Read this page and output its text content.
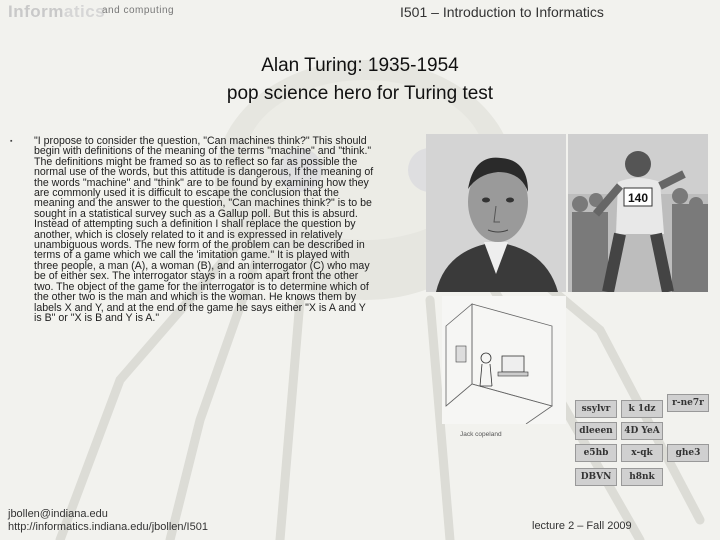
Informatics
and computing	I501 – Introduction to Informatics
Alan Turing: 1935-1954
pop science hero for Turing test
▪ "I propose to consider the question, "Can machines think?" This should
begin with definitions of the meaning of the terms "machine" and "think."
The definitions might be framed so as to reflect so far as possible the
normal use of the words, but this attitude is dangerous, If the meaning of
the words "machine" and "think" are to be found by examining how they
are commonly used it is difficult to escape the conclusion that the
meaning and the answer to the question, "Can machines think?" is to be
sought in a statistical survey such as a Gallup poll. But this is absurd.
Instead of attempting such a definition I shall replace the question by
another, which is closely related to it and is expressed in relatively
unambiguous words. The new form of the problem can be described in
terms of a game which we call the 'imitation game." It is played with
three people, a man (A), a woman (B), and an interrogator (C) who may
be of either sex. The interrogator stays in a room apart front the other
two. The object of the game for the interrogator is to determine which of
the other two is the man and which is the woman. He knows them by
labels X and Y, and at the end of the game he says either "X is A and Y
is B" or "X is B and Y is A."
140
Jack copeland
ssylvr	k 1dz
r-ne7r
dleeen	4D YeA
e5hb	x-qk	ghe3
DBVN	h8nk
jbollen@indiana.edu
http://informatics.indiana.edu/jbollen/I501	lecture 2 – Fall 2009
